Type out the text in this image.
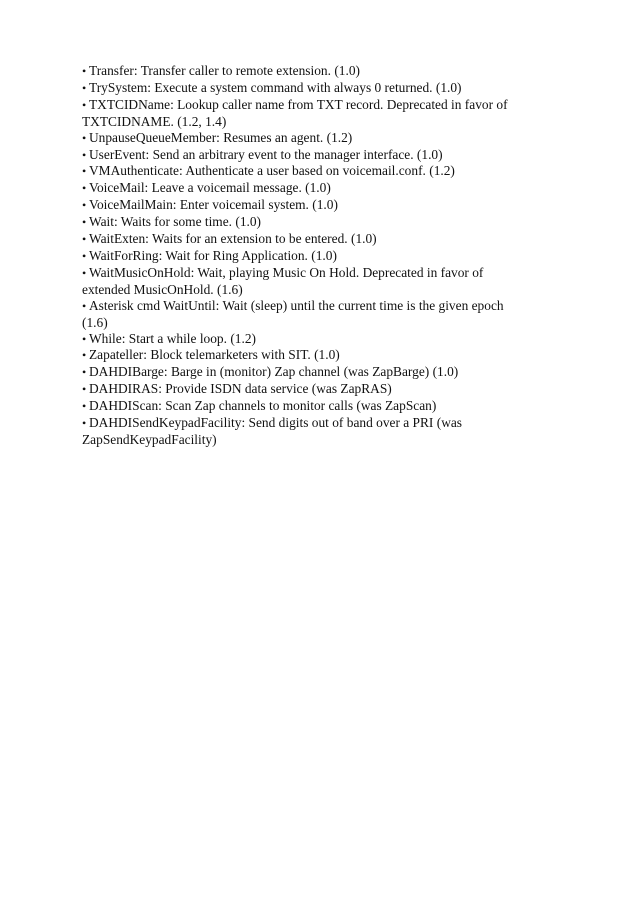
• Transfer: Transfer caller to remote extension. (1.0)
• TrySystem: Execute a system command with always 0 returned. (1.0)
• TXTCIDName: Lookup caller name from TXT record. Deprecated in favor of TXTCIDNAME. (1.2, 1.4)
• UnpauseQueueMember: Resumes an agent. (1.2)
• UserEvent: Send an arbitrary event to the manager interface. (1.0)
• VMAuthenticate: Authenticate a user based on voicemail.conf. (1.2)
• VoiceMail: Leave a voicemail message. (1.0)
• VoiceMailMain: Enter voicemail system. (1.0)
• Wait: Waits for some time. (1.0)
• WaitExten: Waits for an extension to be entered. (1.0)
• WaitForRing: Wait for Ring Application. (1.0)
• WaitMusicOnHold: Wait, playing Music On Hold. Deprecated in favor of extended MusicOnHold. (1.6)
• Asterisk cmd WaitUntil: Wait (sleep) until the current time is the given epoch (1.6)
• While: Start a while loop. (1.2)
• Zapateller: Block telemarketers with SIT. (1.0)
• DAHDIBarge: Barge in (monitor) Zap channel (was ZapBarge) (1.0)
• DAHDIRAS: Provide ISDN data service (was ZapRAS)
• DAHDIScan: Scan Zap channels to monitor calls (was ZapScan)
• DAHDISendKeypadFacility: Send digits out of band over a PRI (was ZapSendKeypadFacility)
